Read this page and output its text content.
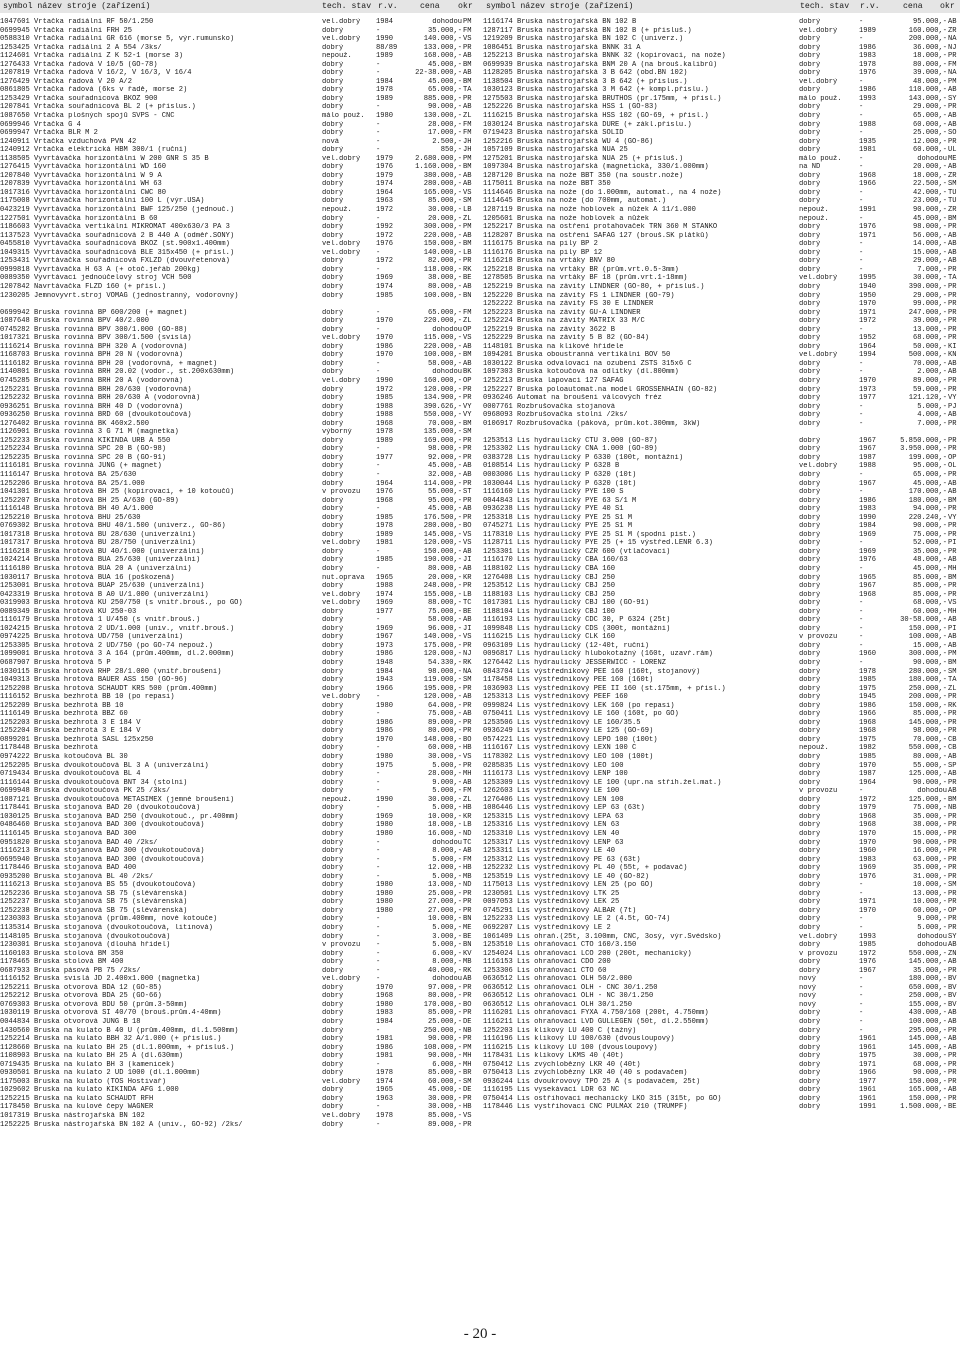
symbol název stroje (zařízení)	tech. stav r.v.	cena okr symbol název stroje (zařízení)	tech. stav r.v.	cena okr
1047601 Vrtačka radiální RF 50/1.250	vel.dobrý	1984	dohodou PM
0699945 Vrtačka radiální FRH 25	dobrý	-	35.000,- FM
0588310 Vrtačka radiální GR 616 (morse 5, výr.rumunsko)	vel.dobrý	1990	140.000,- VS
1253425 Vrtačka radiální 2 A 554 /3ks/	dobrý	88/89	133.000,- PR
1124601 Vrtačka radiální Z K 52-1 (morse 3)	nepouž.	1989	168.000,- AB
1276433 Vrtačka řadová V 10/5 (GO-78)	dobrý	-	45.000,- BM
1207819 Vrtačka řadová V 16/2, V 16/3, V 16/4	dobrý	-	22-38.000,- AB
1276429 Vrtačka řadová V 20 A/2	dobrý	1984	45.000,- BM
0861805 Vrtačka řadová (6ks v řadě, morse 2)	dobrý	1978	65.000,- TA
1253429 Vrtačka souřadnicová BKOZ 900	dobrý	1989	885.000,- PR
1207841 Vrtačka souřadnicová BL 2 (+ příslus.)	dobrý	-	90.000,- AB
1087650 Vrtačka plošných spojů SVPS - CNC	málo použ.	1980	130.000,- ZL
0699946 Vrtačka G 4	dobrý	-	28.000,- FM
0699947 Vrtačka BLR M 2	dobrý	-	17.000,- FM
1240911 Vrtačka vzduchová PVN 42	nová	-	2.500,- JH
1240912 Vrtačka elektrická HBM 300/1 (ruční)	dobrý	-	850,- JH
1138505 Vyvrtávačka horizontální W 200 GNR S 35 B	vel.dobrý	1979	2.680.000,- PM
1276415 Vyvrtávačka horizontální WD 160	dobrý	1976	1.160.000,- BM
1207840 Vyvrtávačka horizontální W 9 A	dobrý	1979	380.000,- AB
1207839 Vyvrtávačka horizontální WH 63	dobrý	1974	280.000,- AB
1017316 Vyvrtávačka horizontální CWC 80	dobrý	1964	165.000,- VS
1175008 Vyvrtávačka horizontální 100 L (výr.USA)	dobrý	1963	85.000,- SM
0423219 Vyvrtávačka horizontální BWF 125/250 (jednouč.)	nepouž.	1972	30.000,- LB
1227501 Vyvrtávačka horizontální B 60	dobrý	-	20.000,- ZL
1186603 Vyvrtávačka vertikální MIKROMAT 400x630/3 PA 3	dobrý	1992	300.000,- PM
1137523 Vyvrtávačka souřadnicová 2 B 440 A (odměř.SONY)	dobrý	1972	220.000,- AB
0455810 Vyvrtávačka souřadnicová BKOZ (st.900x1.400mm)	vel.dobrý	1976	150.000,- BM
1049315 Vyvrtávačka souřadnicová BLE 315x450 (+ přísl.)	vel.dobrý	-	140.000,- LB
1253431 Vyvrtávačka souřadnicová FXLZD (dvouvřetenová)	dobrý	1972	82.000,- PR
0999818 Vyvrtávačka H 63 A (+ otoč.jeřáb 200kg)	dobrý	-	118.000,- RK
0089350 Vyvrtávací jednoúčelový stroj VČH 500	dobrý	1969	38.000,- BE
1207842 Navrtávačka FLZD 160 (+ přísl.)	dobrý	1974	80.000,- AB
1230205 Jemnovyvrt.stroj VOMAG (jednostranný, vodorovný)	dobrý	1985	100.000,- BN
0699942 Bruska rovinná BP 600/200 (+ magnet)	dobrý	-	65.000,- FM
1087648 Bruska rovinná BPV 40/2.000	dobrý	1970	220.000,- ZL
0745282 Bruska rovinná BPV 300/1.000 (GO-88)	dobrý	-	dohodou OP
1017321 Bruska rovinná BPV 300/1.500 (svislá)	vel.dobrý	1970	115.000,- VS
1116214 Bruska rovinná BPH 320 A (vodorovná)	dobrý	1986	220.000,- AB
1168703 Bruska rovinná BPH 20 N (vodorovná)	dobrý	1970	100.000,- BM
1116182 Bruska rovinná BPH 20 (vodorovná, + magnet)	dobrý	-	58.000,- AB
1140801 Bruska rovinná BRH 20.02 (vodor., st.200x630mm)	dobrý	-	dohodou BK
0745285 Bruska rovinná BRH 20 A (vodorovná)	vel.dobrý	1990	160.000,- OP
1252231 Bruska rovinná BRH 20/630 (vodorovná)	dobrý	1972	120.000,- PR
1252232 Bruska rovinná BRH 20/630 A (vodorovná)	dobrý	1985	134.900,- PR
0936251 Bruska rovinná BRH 40 D (vodorovná)	dobrý	1988	390.626,- VY
0936250 Bruska rovinná BRD 60 (dvoukotoučová)	dobrý	1988	550.000,- VY
1276402 Bruska rovinná BK 460x2.500	dobrý	1968	70.000,- BM
1126901 Bruska rovinná 3 G 71 M (magnetka)	výborný	1978	135.000,- SM
1252233 Bruska rovinná KIKINDA URB A 550	dobrý	1989	169.000,- PR
1252234 Bruska rovinná SPC 20 B (GO-98)	dobrý	-	98.000,- PR
1252235 Bruska rovinná SPC 20 B (GO-91)	dobrý	1977	92.000,- PR
1116181 Bruska rovinná JUNG (+ magnet)	dobrý	-	45.000,- AB
1116147 Bruska hrotová BA 25/630	dobrý	-	32.000,- AB
1252206 Bruska hrotová BA 25/1.000	dobrý	1964	114.000,- PR
1041301 Bruska hrotová BH 25 (kopírovací, + 10 kotoučů)	v provozu	1976	55.000,- ST
1252207 Bruska hrotová BH 25 A/630 (GO-89)	dobrý	1968	95.000,- PR
1116148 Bruska hrotová BH 40 A/1.000	dobrý	-	45.000,- AB
1252210 Bruska hrotová BHU 25/630	dobrý	1985	176.500,- PR
0769302 Bruska hrotová BHU 40/1.500 (univerz., GO-86)	dobrý	1978	280.000,- BO
1017318 Bruska hrotová BU 28/630 (univerzální)	dobrý	1989	145.000,- VS
1017317 Bruska hrotová BU 28/750 (univerzální)	vel.dobrý	1981	120.000,- VS
1116218 Bruska hrotová BU 40/1.000 (univerzální)	dobrý	-	150.000,- AB
1024214 Bruska hrotová BUA 25/630 (univerzální)	dobrý	1985	190.000,- JI
1116180 Bruska hrotová BUA 20 A (univerzální)	dobrý	-	80.000,- AB
1030117 Bruska hrotová BUA 16 (poškozená)	nut.oprava	1965	20.000,- KR
1253001 Bruska hrotová BUAP 25/630 (univerzální)	dobrý	1988	248.000,- PR
0423319 Bruska hrotová B A0 U/1.000 (univerzální)	vel.dobrý	1974	155.000,- LB
0319903 Bruska hrotová KU 250/750 (s vnitř.brouš., po GO)	vel.dobrý	1969	88.000,- TC
0089349 Bruska hrotová KU 250-03	dobrý	1977	75.000,- BE
1116179 Bruska hrotová 1 U/450 (s vnitř.brouš.)	dobrý	-	58.000,- AB
1024215 Bruska hrotová 2 UD/1.000 (univ., vnitř.brouš.)	dobrý	1969	96.000,- JI
0974225 Bruska hrotová UD/750 (univerzální)	dobrý	1967	140.000,- VS
1253305 Bruska hrotová 2 UD/750 (po GO-74 nepouž.)	dobrý	1973	175.000,- PR
1099001 Bruska hrotová 3 A 164 (prům.400mm, dl.2.000mm)	dobrý	1986	120.000,- NJ
0687907 Bruska hrotová 5 P	dobrý	1948	54.330,- RK
1030115 Bruska hrotová RHP 28/1.000 (vnitř.broušení)	dobrý	1984	98.000,- NA
1049313 Bruska hrotová BAUER ASS 150 (GO-96)	dobrý	1943	119.000,- SM
1252208 Bruska hrotová SCHAUDT KRS 500 (prům.400mm)	dobrý	1966	195.000,- PR
1116152 Bruska bezhrotá BB 10 (po repasi)	vel.dobrý	-	120.000,- AB
1252209 Bruska bezhrotá BB 10	dobrý	1980	64.000,- PR
1116149 Bruska bezhrotá BBZ 60	dobrý	-	75.000,- AB
1252203 Bruska bezhrotá 3 E 184 V	dobrý	1986	89.000,- PR
1252204 Bruska bezhrotá 3 E 184 V	dobrý	1986	80.000,- PR
0899201 Bruska bezhrotá SASL 125x250	dobrý	1970	148.000,- BO
1178448 Bruska bezhrotá	dobrý	-	60.000,- HB
0974222 Bruska kotoučová BL 30	dobrý	1980	30.000,- VS
1252205 Bruska dvoukotoučová BL 3 A (univerzální)	dobrý	1975	5.000,- PR
0719434 Bruska dvoukotoučová BL 4	dobrý	-	28.000,- MH
1116144 Bruska dvoukotoučová BNT 34 (stolní)	dobrý	-	9.000,- AB
0699948 Bruska dvoukotoučová PK 25 /3ks/	dobrý	-	5.000,- FM
1087121 Bruska dvoukotoučová METASIMEX (jemné broušení)	nepouž.	1990	30.000,- ZL
1178441 Bruska stojanová BAD 20 (dvoukotoučová)	dobrý	-	5.000,- HB
1030125 Bruska stojanová BAD 250 (dvoukotouč., pr.400mm)	dobrý	1969	10.000,- KR
0486460 Bruska stojanová BAD 300 (dvoukotoučová)	dobrý	1980	18.000,- LB
1116145 Bruska stojanová BAD 300	dobrý	1980	16.000,- ND
0951820 Bruska stojanová BAD 40 /2ks/	dobrý	-	dohodou TC
1116213 Bruska stojanová BAD 300 (dvoukotoučová)	dobrý	-	8.000,- AB
0695940 Bruska stojanová BAD 300 (dvoukotoučová)	dobrý	-	5.000,- FM
1178446 Bruska stojanová BAD 400	dobrý	-	12.000,- HB
0935200 Bruska stojanová BL 40 /2ks/	dobrý	-	5.000,- MB
1116213 Bruska stojanová BS 55 (dvoukotoučová)	dobrý	1980	13.000,- ND
1252236 Bruska stojanová SB 75 (slévárenská)	dobrý	1980	25.000,- PR
1252237 Bruska stojanová SB 75 (slévárenská)	dobrý	1980	27.000,- PR
1252238 Bruska stojanová SB 75 (slévárenská)	dobrý	1980	27.000,- PR
1230303 Bruska stojanová (prům.400mm, nové kotouče)	dobrý	-	10.000,- BN
1135314 Bruska stojanová (dvoukotoučová, litinová)	dobrý	-	5.000,- ME
1148105 Bruska stojanová (dvoukotoučová)	dobrý	-	3.000,- BE
1230301 Bruska stojanová (dlouhá hřídel)	v provozu	-	5.000,- BN
1160103 Bruska stolová BM 350	dobrý	-	6.000,- KV
1178465 Bruska stolová BM 400	dobrý	-	8.000,- MB
0687933 Bruska pásová PB 75 /2ks/	dobrý	-	40.000,- RK
1116152 Bruska svislá JD 2.400x1.000 (magnetka)	vel.dobrý	-	dohodou AB
1252211 Bruska otvorová BDA 12 (GO-85)	dobrý	1970	97.000,- PR
1252212 Bruska otvorová BDA 25 (GO-66)	dobrý	1968	80.000,- PR
0769303 Bruska otvorová BDU 50 (prům.3-50mm)	dobrý	1980	170.000,- BO
1030119 Bruska otvorová SI 40/70 (brouš.prům.4-40mm)	dobrý	1983	85.000,- PR
0044834 Bruska otvorová JUNG B 18	dobrý	1984	25.000,- DE
1430560 Bruska na kulato B 40 U (prům.400mm, dl.1.500mm)	dobrý	-	250.000,- NB
1252214 Bruska na kulato BBH 32 A/1.000 (+ přísluš.)	dobrý	1981	90.000,- PR
1128660 Bruska na kulato BH 25 (dl.1.000mm, + přísluš.)	dobrý	1986	108.000,- PM
1108903 Bruska na kulato BH 25 A (dl.630mm)	dobrý	1981	90.000,- MH
0719435 Bruska na kulato BH 3 (kamenicek)	dobrý	-	6.000,- MH
0930501 Bruska na kulato 2 UD 1000 (dl.1.000mm)	dobrý	1978	85.000,- BR
1175003 Bruska na kulato (TOS Hostivař)	vel.dobrý	1974	60.000,- SM
1029602 Bruska na kulato KIKINDA AFG 1.000	dobrý	1965	45.000,- DE
1252215 Bruska na kulato SCHAUDT RFH	dobrý	1963	30.000,- PR
1178450 Bruska na kulové čepy WAGNER	dobrý	-	30.000,- HB
1017319 Bruska nástrojařská BN 102	vel.dobrý	1978	85.000,- VS
1252225 Bruska nástrojařská BN 102 A (univ., GO-92) /2ks/	dobrý	-	89.000,- PR
1116174 Bruska nástrojařská BN 102 B	dobrý	-	95.000,- AB
1287117 Bruska nástrojařská BN 102 B (+ přísluš.)	vel.dobrý	1989	160.000,- ZR
1219209 Bruska nástrojařská BN 102 C (univerz.)	dobrý	-	200.000,- NA
1086451 Bruska nástrojařská BNNK 31 A	dobrý	1986	36.000,- NJ
1252213 Bruska nástrojařská BNNK 32 (kopírovací, na nože)	dobrý	1983	18.000,- PR
0699939 Bruska nástrojařská BNM 20 A (na brouš.kalibrů)	dobrý	1978	80.000,- FM
1128205 Bruska nástrojařská 3 B 642 (obd.BN 102)	dobrý	1976	39.000,- NA
1138504 Bruska nástrojařská 3 B 642 (+ příslus.)	vel.dobrý	-	48.000,- PM
1030123 Bruska nástrojařská 3 M 642 (+ kompl.příslu.)	dobrý	1986	110.000,- AB
1275503 Bruska nástrojařská BRUTHOS (pr.175mm, + přísl.)	málo použ.	1993	143.000,- SY
1252226 Bruska nástrojařská HSS 1 (GO-83)	dobrý	-	29.000,- PR
1116215 Bruska nástrojařská HSS 102 (GO-69, + přísl.)	dobrý	-	65.000,- AB
1030124 Bruska nástrojařská DURE (+ zákl.příslu.)	dobrý	1988	60.000,- AB
0719423 Bruska nástrojařská SOLID	dobrý	-	25.000,- SO
1252216 Bruska nástrojařská WU 4 (GO-86)	dobrý	1935	12.000,- PR
1057109 Bruska nástrojařská NUA 25	dobrý	1981	60.000,- UL
1275201 Bruska nástrojařská NUA 25 (+ přísluš.)	málo použ.	-	dohodou ME
1097304 Bruska nástrojařská (magnetická, 330/1.000mm)	na ND	-	20.000,- AB
1287120 Bruska na nože BBT 350 (na soustr.nože)	dobrý	1968	18.000,- ZR
1175011 Bruska na nože BBT 350	dobrý	1966	22.500,- SM
1114646 Bruska na nože (do 1.000mm, automat., na 4 nože)	dobrý	-	42.000,- TU
1114645 Bruska na nože (do 700mm, automat.)	dobrý	-	23.000,- TU
1287119 Bruska na nože hoblovek a nůžek A 11/1.000	nepouž.	1991	90.000,- ZR
1205601 Bruska na nože hoblovek a nůžek	nepouž.	-	45.000,- BM
1252217 Bruska na ostření protahovaček TRN 360 M STANKO	dobrý	1976	98.000,- PR
1128207 Bruska na ostření SAFAG 127 (brouš.SK plátků)	dobrý	1971	56.000,- AB
1116175 Bruska na pily BP 2	dobrý	-	14.000,- AB
1116176 Bruska na pily BP 12	dobrý	-	15.000,- AB
1116218 Bruska na vrtáky BNV 80	dobrý	-	29.000,- AB
1252218 Bruska na vrtáky BR (prům.vrt.0.5-3mm)	dobrý	-	7.000,- PR
1278505 Bruska na vrtáky BF 18 (prům.vrt.1-18mm)	vel.dobrý	1995	30.000,- TA
1252219 Bruska na závity LINDNER (GO-80, + přísluš.)	dobrý	1940	390.000,- PR
1252220 Bruska na závity FS 1 LINDNER (GO-79)	dobrý	1950	29.000,- PR
1252222 Bruska na závity FS 30 E LINDNER	dobrý	1970	99.000,- PR
1252223 Bruska na závity GU-A LINDNER	dobrý	1971	247.000,- PR
1252224 Bruska na závity MATRIX 33 M/C	dobrý	1972	39.000,- PR
1252219 Bruska na závity 3622 B	dobrý	-	13.000,- PR
1252229 Bruska na závity 5 B 82 (GO-84)	dobrý	1952	68.000,- PR
1148101 Bruska na klikové hřídele	dobrý	1964	50.000,- KI
1094201 Bruska oboustranná vertikální BOV 50	vel.dobrý	1994	500.000,- KN
1030122 Bruska odvalovací na ozubení ZSTS 315x6 C	dobrý	-	70.000,- AB
1097303 Bruska kotoučová na odlitky (dl.800mm)	dobrý	-	2.000,- AB
1252213 Bruska lapovací 127 SAFAG	dobrý	1970	89.000,- PR
1252227 Bruska poloautomat.na model GROSSENHAIN (GO-82)	dobrý	1973	59.000,- PR
0936246 Automat na broušení válcových fréz	dobrý	1977	121.120,- VY
0007761 Rozbrušovačka stojanová	dobrý	-	5.000,- PJ
0968093 Rozbrušovačka stolní /2ks/	dobrý	-	4.000,- AB
0106917 Rozbrušovačka (páková, prům.kot.300mm, 3kW)	dobrý	-	7.000,- PR
1253513 Lis hydraulický CTU 3.000 (GO-87)	dobrý	1967	5.850.000,- PR
1253302 Lis hydraulický CNA 1.000 (GO-89)	dobrý	1967	3.950.000,- PR
0383728 Lis hydraulický P 6330 (100t, montážní)	dobrý	1987	199.000,- OP
0108514 Lis hydraulický P 6328 B	vel.dobrý	1988	95.000,- OL
0003006 Lis hydraulický P 6320 (10t)	dobrý	-	65.000,- PR
1030044 Lis hydraulický P 6320 (10t)	dobrý	1967	45.000,- AB
1116160 Lis hydraulický PYE 100 S	dobrý	-	170.000,- AB
0044843 Lis hydraulický PYE 63 S/1 M	dobrý	1986	180.000,- BM
0936238 Lis hydraulický PYE 40 S1	dobrý	1983	94.000,- PR
1253318 Lis hydraulický PYE 25 S1 M	dobrý	1990	220.240,- VY
0745271 Lis hydraulický PYE 25 S1 M	dobrý	1984	90.000,- PR
1178310 Lis hydraulický PYE 25 S1 M (spodní píst.)	dobrý	1969	75.000,- PR
1128711 Lis hydraulický PYE 25 (+ 15 výstřed.LENR 6.3)	dobrý	-	52.000,- PI
1253301 Lis hydraulický CZR 600 (vtlačovací)	dobrý	1969	35.000,- PR
1116170 Lis hydraulický CBA 160/63	dobrý	1976	48.000,- AB
1188102 Lis hydraulický CBA 160	dobrý	-	45.000,- MH
1276408 Lis hydraulický CBJ 250	dobrý	1965	85.000,- BM
1253512 Lis hydraulický CBJ 250	dobrý	1967	85.000,- PR
1188103 Lis hydraulický CBJ 250	dobrý	1968	85.000,- PR
1017301 Lis hydraulický CBJ 100 (GO-91)	dobrý	-	68.000,- VS
1188104 Lis hydraulický CBJ 100	dobrý	-	60.000,- MH
1116193 Lis hydraulický CDC 30, P 6324 (25t)	dobrý	-	30-58.000,- AB
1099848 Lis hydraulický CDS (300t, montážní)	dobrý	-	150.000,- PI
1116215 Lis hydraulický CLK 160	v provozu	-	100.000,- AB
0963109 Lis hydraulický (12-40t, ruční)	dobrý	-	15.000,- AB
0096817 Lis hydraulický hlubokotažný (160t, uzavř.rám)	dobrý	1960	300.000,- PM
1276442 Lis hydraulický JESSERWICC - LORENZ	dobrý	-	90.000,- BM
0843704 Lis výstředníkový PEE 160 (160t, stojanový)	dobrý	1978	280.000,- SM
1178458 Lis výstředníkový PEE 160 (160t)	dobrý	1985	180.000,- TA
1036903 Lis výstředníkový PEE II 160 (st.175mm, + přísl.)	dobrý	1975	250.000,- ZL
1253313 Lis výstředníkový PEEF 160	dobrý	1945	200.000,- PR
0999824 Lis výstředníkový LEK 160 (po repasi)	dobrý	1986	150.000,- RK
0750411 Lis výstředníkový LE 160 (160t, po GO)	dobrý	1966	85.000,- PR
1253506 Lis výstředníkový LE 160/35.5	dobrý	1968	145.000,- PR
0936249 Lis výstředníkový LE 125 (GO-69)	dobrý	1968	98.000,- PR
0574221 Lis výstředníkový LEPO 100 (100t)	dobrý	1975	70.000,- CB
1116167 Lis výstředníkový LEXN 100 C	nepouž.	1982	550.000,- CB
1178302 Lis výstředníkový LEO 100 (100t)	dobrý	1985	80.000,- AB
0285835 Lis výstředníkový LEO 100	dobrý	1970	55.000,- SP
1116173 Lis výstředníkový LENP 100	dobrý	1987	125.000,- AB
1253309 Lis výstředníkový LE 100 (upr.na střih.žel.mat.)	dobrý	1964	90.000,- PR
1262603 Lis výstředníkový LE 100	v provozu	-	dohodou AB
1276406 Lis výstředníkový LEN 100	dobrý	1972	125.000,- BM
1086446 Lis výstředníkový LEP 63 (63t)	dobrý	1979	75.000,- NB
1253315 Lis výstředníkový LEPA 63	dobrý	1968	35.000,- PR
1253316 Lis výstředníkový LEN 63	dobrý	1968	38.000,- PR
1253310 Lis výstředníkový LEN 40	dobrý	1970	15.000,- PR
1253317 Lis výstředníkový LENP 63	dobrý	1970	90.000,- PR
1253311 Lis výstředníkový LE 40	dobrý	1960	16.000,- PR
1253312 Lis výstředníkový PE 63 (63t)	dobrý	1983	63.000,- PR
1252232 Lis výstředníkový PL 40 (55t, + podavač)	dobrý	1969	35.000,- PR
1253519 Lis výstředníkový LE 40 (GO-82)	dobrý	1976	31.000,- PR
1175013 Lis výstředníkový LEN 25 (po GO)	dobrý	-	10.000,- SM
1230501 Lis výstředníkový LTK 25	dobrý	-	13.000,- PR
0097053 Lis výstředníkový LEK 25	dobrý	1971	10.000,- PR
0745291 Lis výstředníkový ALBAR (7t)	dobrý	1970	60.000,- OP
1252233 Lis výstředníkový LE 2 (4.5t, GO-74)	dobrý	-	9.000,- PR
0692207 Lis výstředníkový LE 2	dobrý	-	5.000,- PR
1061409 Lis ohraň.(25t, 3.100mm, CNC, 3osý, výr.Švédsko)	vel.dobrý	1993	dohodou SY
1253510 Lis ohraňovací CTO 160/3.150	dobrý	1985	dohodou AB
1254024 Lis ohraňovací LCO 200 (200t, mechanický)	v provozu	1972	550.000,- ZN
1116153 Lis ohraňovací CDO 200	dobrý	1976	145.000,- AB
1253306 Lis ohraňovací CTO 60	dobrý	1967	35.000,- PR
0636512 Lis ohraňovací OLH 50/2.000	nový	-	180.000,- BV
0636512 Lis ohraňovací OLH - CNC 30/1.250	nový	-	650.000,- BV
0636512 Lis ohraňovací OLH - NC 30/1.250	nový	-	250.000,- BV
0636512 Lis ohraňovací OLH 30/1.250	nový	-	155.000,- BV
1116201 Lis ohraňovací FYXA 4.750/160 (200t, 4.750mm)	dobrý	-	430.000,- AB
1116211 Lis ohraňovací LVD GULLEGEN (50t, dl.2.550mm)	dobrý	-	100.000,- AB
1252203 Lis klikový LU 400 C (tažný)	dobrý	-	295.000,- PR
1116196 Lis klikový LU 100/630 (dvousloupový)	dobrý	1961	145.000,- AB
1116215 Lis klikový LU 100 (dvousloupový)	dobrý	1961	145.000,- AB
1178431 Lis klikový LKMS 40 (40t)	dobrý	1975	30.000,- PR
0750412 Lis zvýchlobězný LKR 40 (40t)	dobrý	1971	68.000,- PR
0750413 Lis zvýchlobězný LKR 40 (40 s podavačem)	dobrý	1966	90.000,- PR
0936244 Lis dvoukrovový TPO 25 A (s podavačem, 25t)	dobrý	1977	150.000,- PR
1116195 Lis vysekávací LDR 63 NC	dobrý	1961	165.000,- AB
0750414 Lis ostřihovací mechanický LKO 315 (315t, po GO)	dobrý	1961	150.000,- PR
1178446 Lis vystřihovací CNC PULMAX 210 (TRUMPF)	dobrý	1991	1.500.000,- BE
- 20 -
